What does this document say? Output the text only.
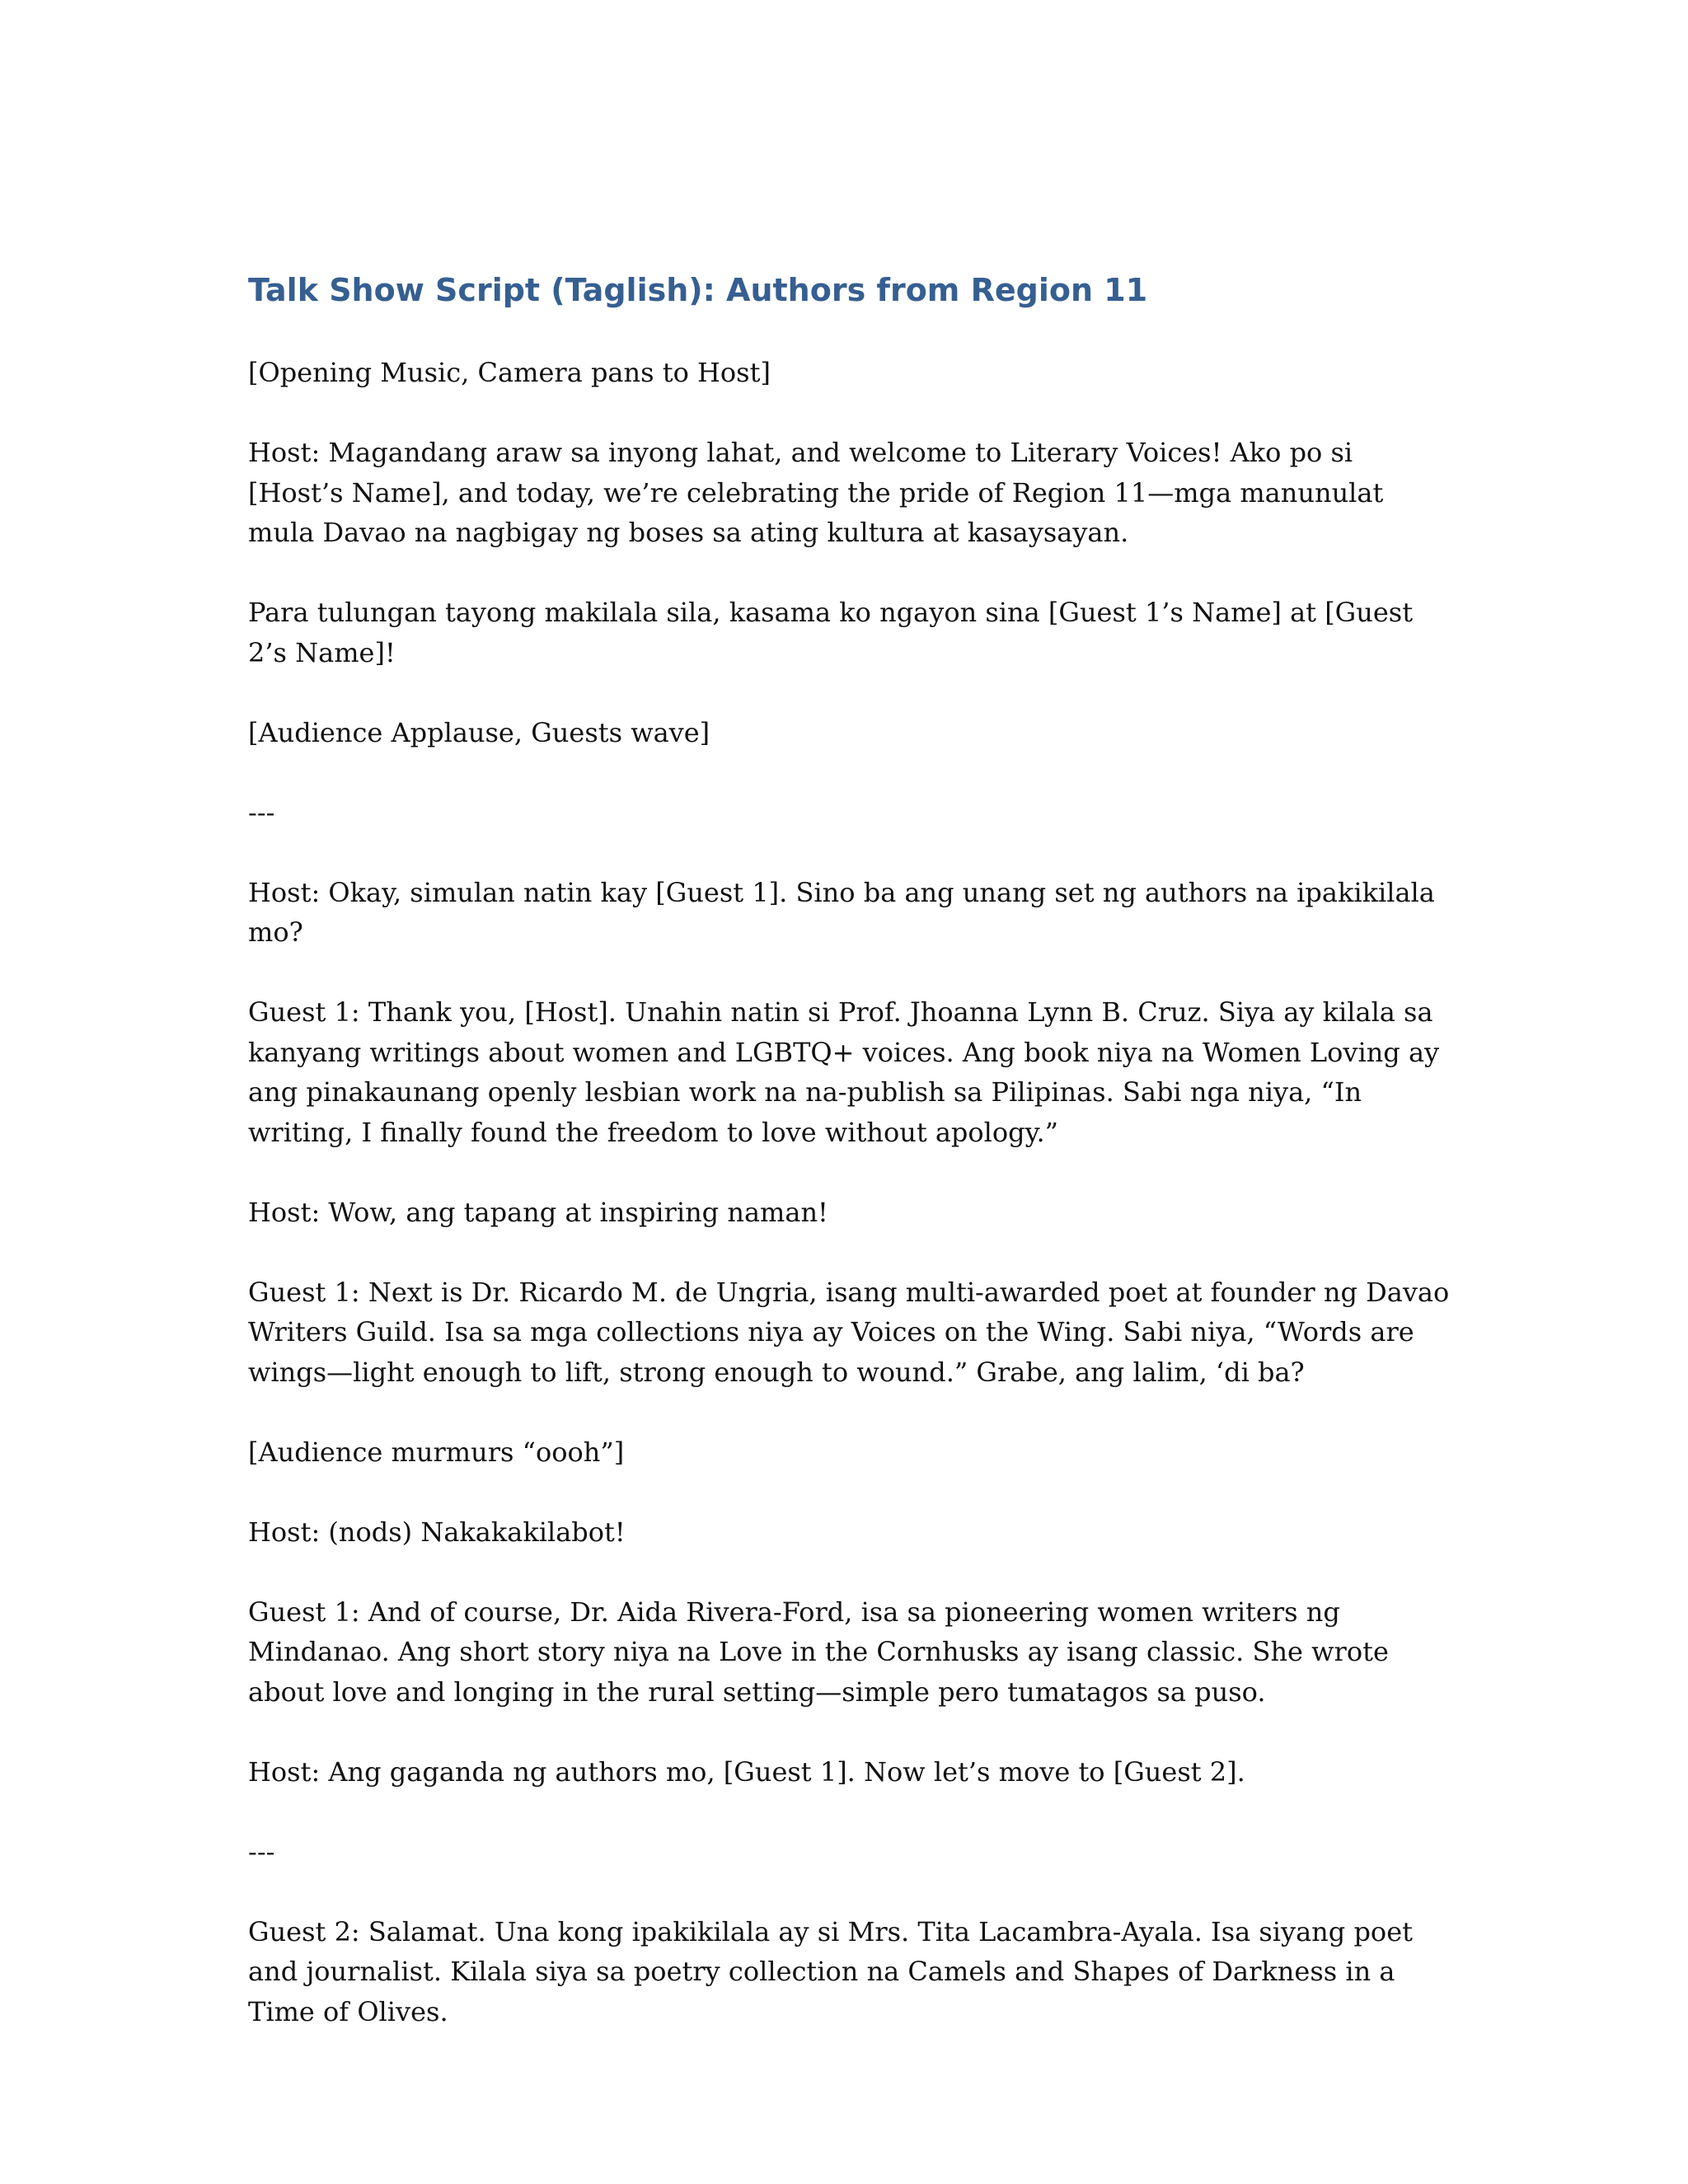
Talk Show Script (Taglish): Authors from Region 11

[Opening Music, Camera pans to Host]

Host: Magandang araw sa inyong lahat, and welcome to Literary Voices! Ako po si [Host’s Name], and today, we’re celebrating the pride of Region 11—mga manunulat mula Davao na nagbigay ng boses sa ating kultura at kasaysayan.

Para tulungan tayong makilala sila, kasama ko ngayon sina [Guest 1’s Name] at [Guest 2’s Name]!

[Audience Applause, Guests wave]

---

Host: Okay, simulan natin kay [Guest 1]. Sino ba ang unang set ng authors na ipakikilala mo?

Guest 1: Thank you, [Host]. Unahin natin si Prof. Jhoanna Lynn B. Cruz. Siya ay kilala sa kanyang writings about women and LGBTQ+ voices. Ang book niya na Women Loving ay ang pinakaunang openly lesbian work na na-publish sa Pilipinas. Sabi nga niya, “In writing, I finally found the freedom to love without apology.”

Host: Wow, ang tapang at inspiring naman!

Guest 1: Next is Dr. Ricardo M. de Ungria, isang multi-awarded poet at founder ng Davao Writers Guild. Isa sa mga collections niya ay Voices on the Wing. Sabi niya, “Words are wings—light enough to lift, strong enough to wound.” Grabe, ang lalim, ‘di ba?

[Audience murmurs “oooh”]

Host: (nods) Nakakakilabot!

Guest 1: And of course, Dr. Aida Rivera-Ford, isa sa pioneering women writers ng Mindanao. Ang short story niya na Love in the Cornhusks ay isang classic. She wrote about love and longing in the rural setting—simple pero tumatagos sa puso.

Host: Ang gaganda ng authors mo, [Guest 1]. Now let’s move to [Guest 2].

---

Guest 2: Salamat. Una kong ipakikilala ay si Mrs. Tita Lacambra-Ayala. Isa siyang poet and journalist. Kilala siya sa poetry collection na Camels and Shapes of Darkness in a Time of Olives.
